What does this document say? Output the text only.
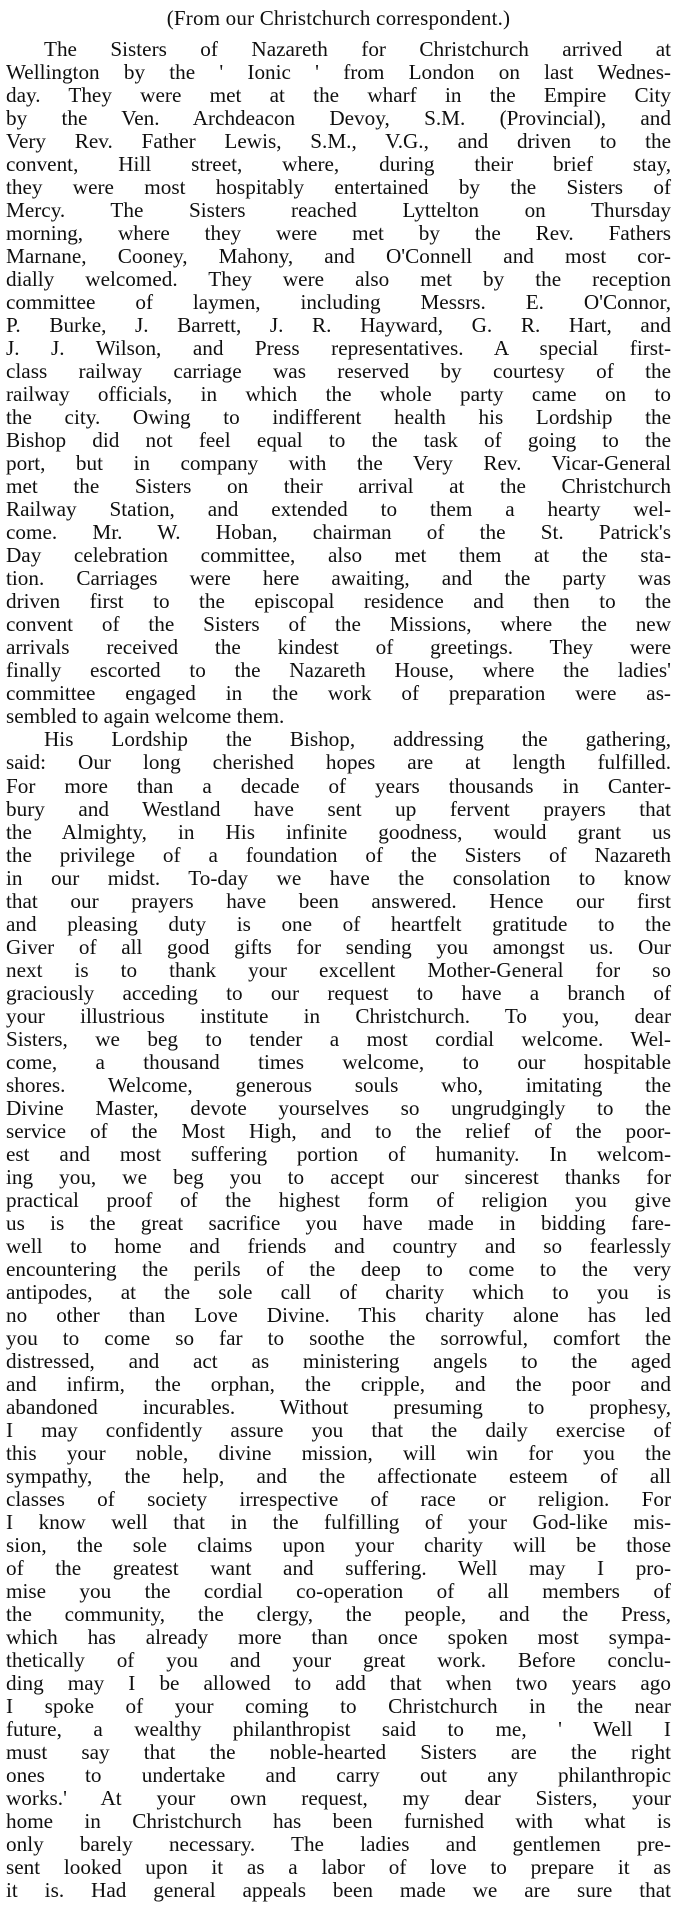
(From our Christchurch correspondent.)
The Sisters of Nazareth for Christchurch arrived at
Wellington by the ' Ionic ' from London on last Wednes-
day. They were met at the wharf in the Empire City
by the Ven. Archdeacon Devoy, S.M. (Provincial), and
Very Rev. Father Lewis, S.M., V.G., and driven to the
convent, Hill street, where, during their brief stay,
they were most hospitably entertained by the Sisters of
Mercy. The Sisters reached Lyttelton on Thursday
morning, where they were met by the Rev. Fathers
Marnane, Cooney, Mahony, and O'Connell and most cor-
dially welcomed. They were also met by the reception
committee of laymen, including Messrs. E. O'Connor,
P. Burke, J. Barrett, J. R. Hayward, G. R. Hart, and
J. J. Wilson, and Press representatives. A special first-
class railway carriage was reserved by courtesy of the
railway officials, in which the whole party came on to
the city. Owing to indifferent health his Lordship the
Bishop did not feel equal to the task of going to the
port, but in company with the Very Rev. Vicar-General
met the Sisters on their arrival at the Christchurch
Railway Station, and extended to them a hearty wel-
come. Mr. W. Hoban, chairman of the St. Patrick's
Day celebration committee, also met them at the sta-
tion. Carriages were here awaiting, and the party was
driven first to the episcopal residence and then to the
convent of the Sisters of the Missions, where the new
arrivals received the kindest of greetings. They were
finally escorted to the Nazareth House, where the ladies'
committee engaged in the work of preparation were as-
sembled to again welcome them.
His Lordship the Bishop, addressing the gathering,
said: Our long cherished hopes are at length fulfilled.
For more than a decade of years thousands in Canter-
bury and Westland have sent up fervent prayers that
the Almighty, in His infinite goodness, would grant us
the privilege of a foundation of the Sisters of Nazareth
in our midst. To-day we have the consolation to know
that our prayers have been answered. Hence our first
and pleasing duty is one of heartfelt gratitude to the
Giver of all good gifts for sending you amongst us. Our
next is to thank your excellent Mother-General for so
graciously acceding to our request to have a branch of
your illustrious institute in Christchurch. To you, dear
Sisters, we beg to tender a most cordial welcome. Wel-
come, a thousand times welcome, to our hospitable
shores. Welcome, generous souls who, imitating the
Divine Master, devote yourselves so ungrudgingly to the
service of the Most High, and to the relief of the poor-
est and most suffering portion of humanity. In welcom-
ing you, we beg you to accept our sincerest thanks for
practical proof of the highest form of religion you give
us is the great sacrifice you have made in bidding fare-
well to home and friends and country and so fearlessly
encountering the perils of the deep to come to the very
antipodes, at the sole call of charity which to you is
no other than Love Divine. This charity alone has led
you to come so far to soothe the sorrowful, comfort the
distressed, and act as ministering angels to the aged
and infirm, the orphan, the cripple, and the poor and
abandoned incurables. Without presuming to prophesy,
I may confidently assure you that the daily exercise of
this your noble, divine mission, will win for you the
sympathy, the help, and the affectionate esteem of all
classes of society irrespective of race or religion. For
I know well that in the fulfilling of your God-like mis-
sion, the sole claims upon your charity will be those
of the greatest want and suffering. Well may I pro-
mise you the cordial co-operation of all members of
the community, the clergy, the people, and the Press,
which has already more than once spoken most sympa-
thetically of you and your great work. Before conclu-
ding may I be allowed to add that when two years ago
I spoke of your coming to Christchurch in the near
future, a wealthy philanthropist said to me, ' Well I
must say that the noble-hearted Sisters are the right
ones to undertake and carry out any philanthropic
works.' At your own request, my dear Sisters, your
home in Christchurch has been furnished with what is
only barely necessary. The ladies and gentlemen pre-
sent looked upon it as a labor of love to prepare it as
it is. Had general appeals been made we are sure that
